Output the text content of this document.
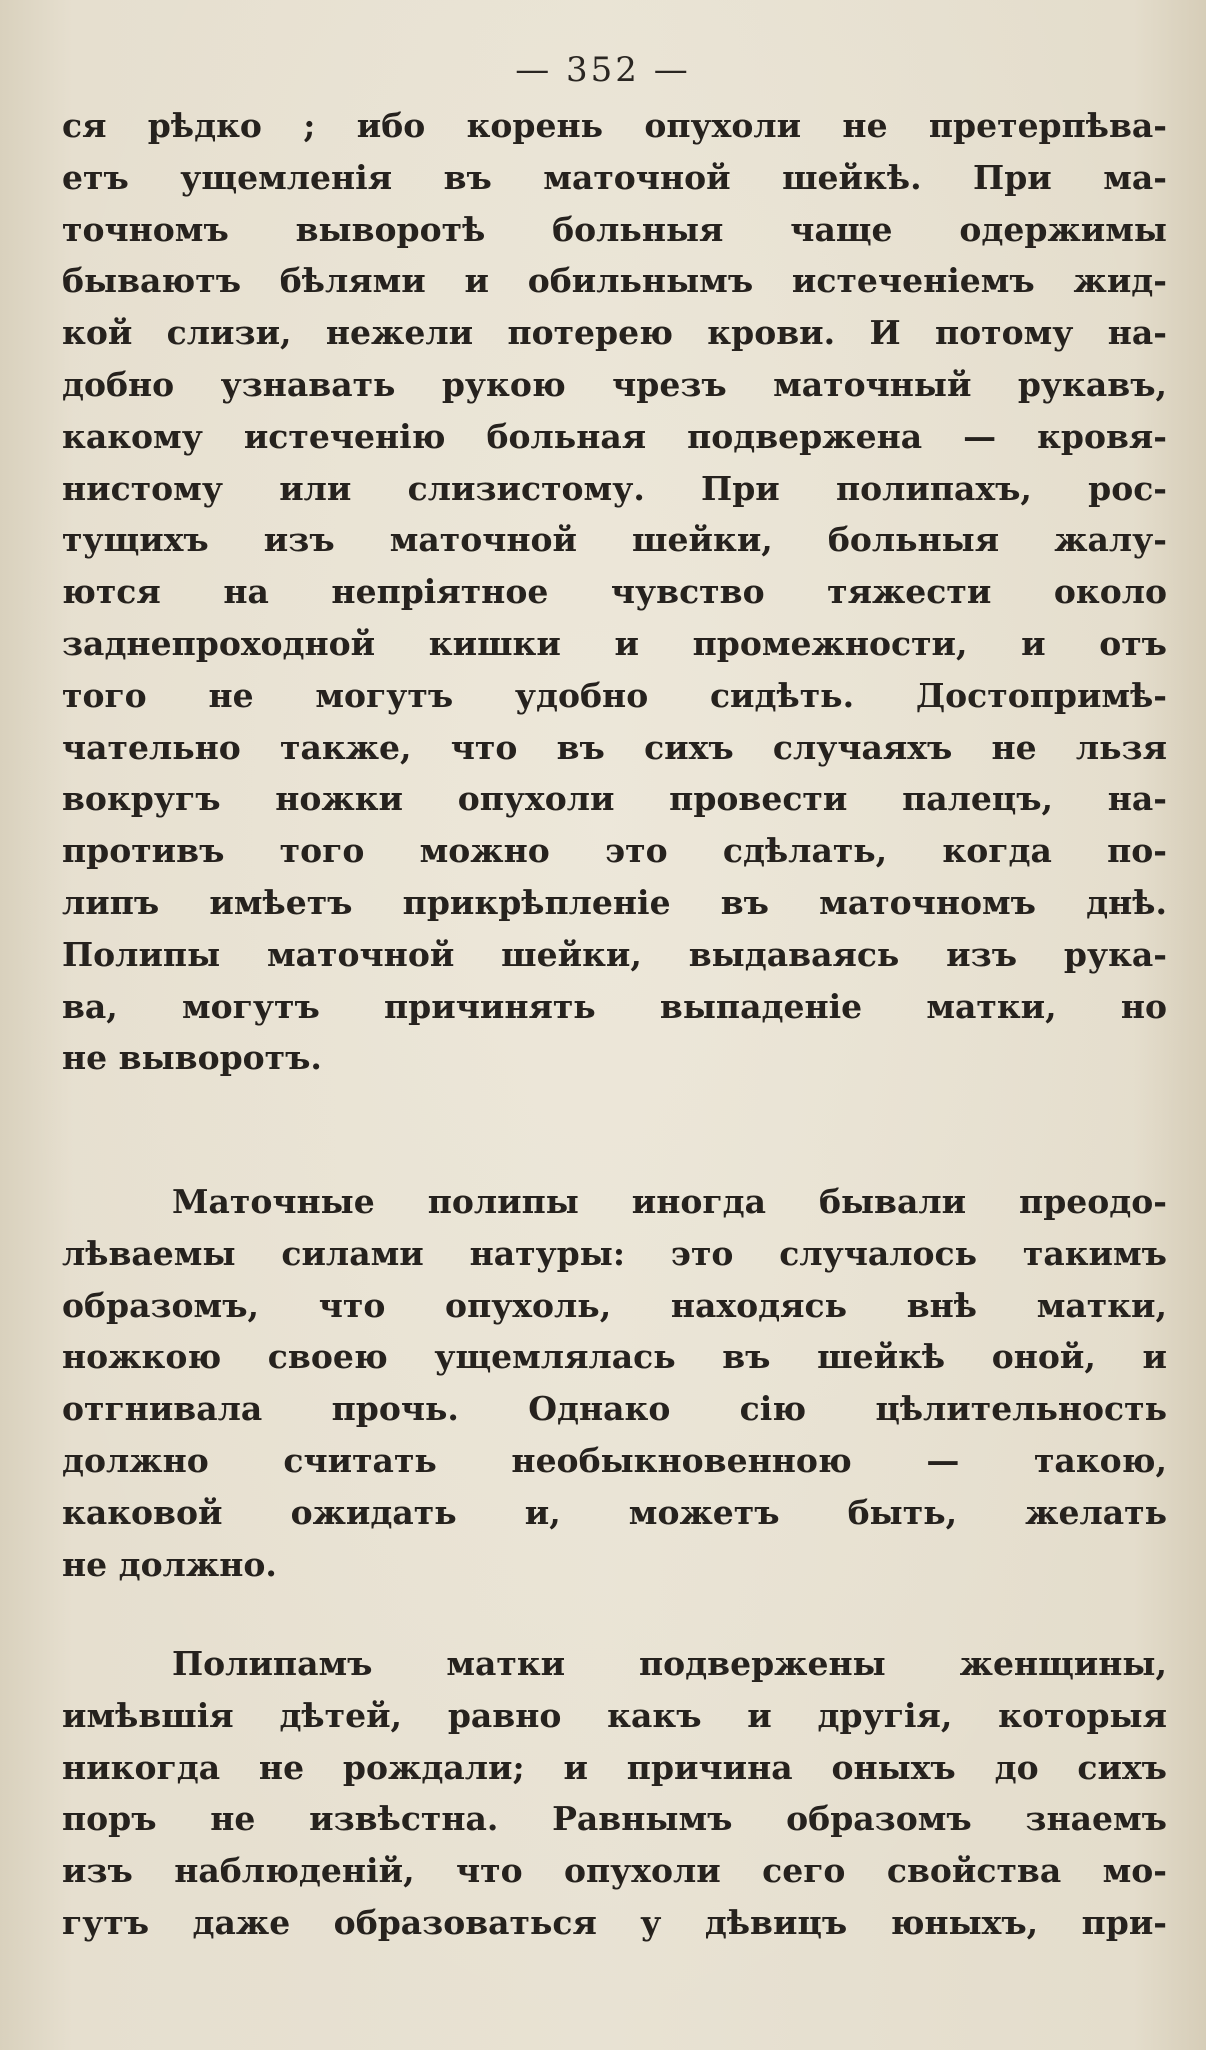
— 352 —
ся рѣдко ; ибо корень опухоли не претерпѣва-
етъ ущемленія въ маточной шейкѣ. При ма-
точномъ выворотѣ больныя чаще одержимы
бываютъ бѣлями и обильнымъ истеченіемъ жид-
кой слизи, нежели потерею крови. И потому на-
добно узнавать рукою чрезъ маточный рукавъ,
какому истеченію больная подвержена — кровя-
нистому или слизистому. При полипахъ, рос-
тущихъ изъ маточной шейки, больныя жалу-
ются на непріятное чувство тяжести около
заднепроходной кишки и промежности, и отъ
того не могутъ удобно сидѣть. Достопримѣ-
чательно также, что въ сихъ случаяхъ не льзя
вокругъ ножки опухоли провести палецъ, на-
противъ того можно это сдѣлать, когда по-
липъ имѣетъ прикрѣпленіе въ маточномъ днѣ.
Полипы маточной шейки, выдаваясь изъ рука-
ва, могутъ причинять выпаденіе матки, но
не выворотъ.
Маточные полипы иногда бывали преодо-
лѣваемы силами натуры: это случалось такимъ
образомъ, что опухоль, находясь внѣ матки,
ножкою своею ущемлялась въ шейкѣ оной, и
отгнивала прочь. Однако сію цѣлительность
должно считать необыкновенною — такою,
каковой ожидать и, можетъ быть, желать
не должно.
Полипамъ матки подвержены женщины,
имѣвшія дѣтей, равно какъ и другія, которыя
никогда не рождали; и причина оныхъ до сихъ
поръ не извѣстна. Равнымъ образомъ знаемъ
изъ наблюденій, что опухоли сего свойства мо-
гутъ даже образоваться у дѣвицъ юныхъ, при-
